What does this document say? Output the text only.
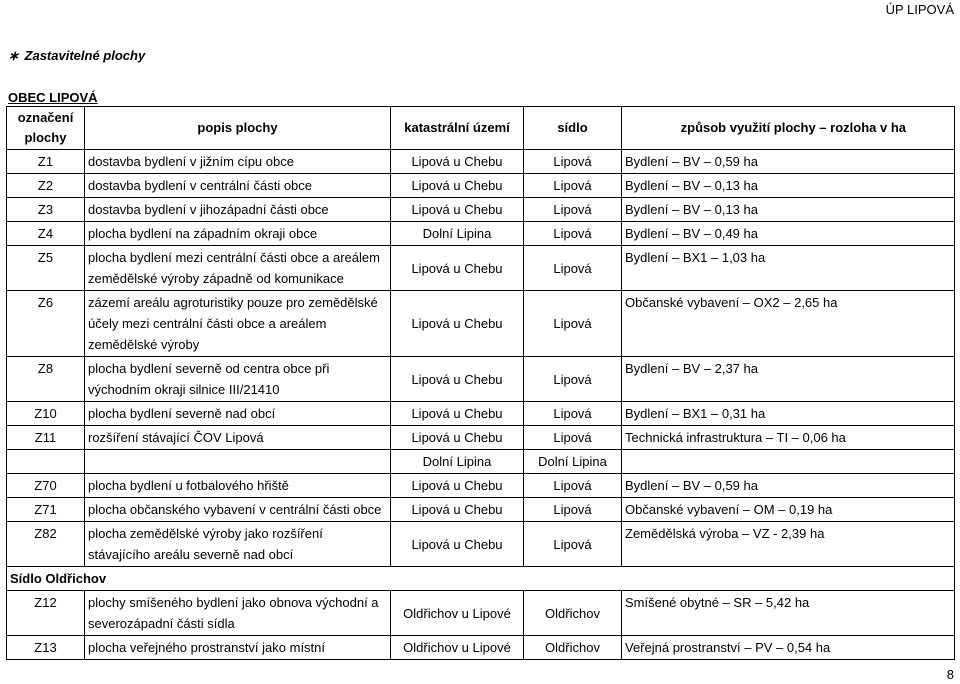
ÚP LIPOVÁ
∗ Zastavitelné plochy
OBEC LIPOVÁ
označení plochy	popis plochy	katastrální území	sídlo	způsob využití plochy – rozloha v ha
Z1	dostavba bydlení v jižním cípu obce	Lipová u Chebu	Lipová	Bydlení – BV – 0,59 ha
Z2	dostavba bydlení v centrální části obce	Lipová u Chebu	Lipová	Bydlení – BV – 0,13 ha
Z3	dostavba bydlení v jihozápadní části obce	Lipová u Chebu	Lipová	Bydlení – BV – 0,13 ha
Z4	plocha bydlení na západním okraji obce	Dolní Lipina	Lipová	Bydlení – BV – 0,49 ha
Z5	plocha bydlení mezi centrální části obce a areálem zemědělské výroby západně od komunikace	Lipová u Chebu	Lipová	Bydlení – BX1 – 1,03 ha
Z6	zázemí areálu agroturistiky pouze pro zemědělské účely mezi centrální části obce a areálem zemědělské výroby	Lipová u Chebu	Lipová	Občanské vybavení – OX2 – 2,65 ha
Z8	plocha bydlení severně od centra obce při východním okraji silnice III/21410	Lipová u Chebu	Lipová	Bydlení – BV – 2,37 ha
Z10	plocha bydlení severně nad obcí	Lipová u Chebu	Lipová	Bydlení – BX1 – 0,31 ha
Z11	rozšíření stávající ČOV Lipová	Lipová u Chebu	Lipová	Technická infrastruktura – TI – 0,06 ha
		Dolní Lipina	Dolní Lipina	
Z70	plocha bydlení u fotbalového hřiště	Lipová u Chebu	Lipová	Bydlení – BV – 0,59 ha
Z71	plocha občanského vybavení v centrální části obce	Lipová u Chebu	Lipová	Občanské vybavení – OM – 0,19 ha
Z82	plocha zemědělské výroby jako rozšíření stávajícího areálu severně nad obcí	Lipová u Chebu	Lipová	Zemědělská výroba – VZ - 2,39 ha
Sídlo Oldřichov				
Z12	plochy smíšeného bydlení jako obnova východní a severozápadní části sídla	Oldřichov u Lipové	Oldřichov	Smíšené obytné – SR – 5,42 ha
Z13	plocha veřejného prostranství jako místní	Oldřichov u Lipové	Oldřichov	Veřejná prostranství – PV – 0,54 ha
8
